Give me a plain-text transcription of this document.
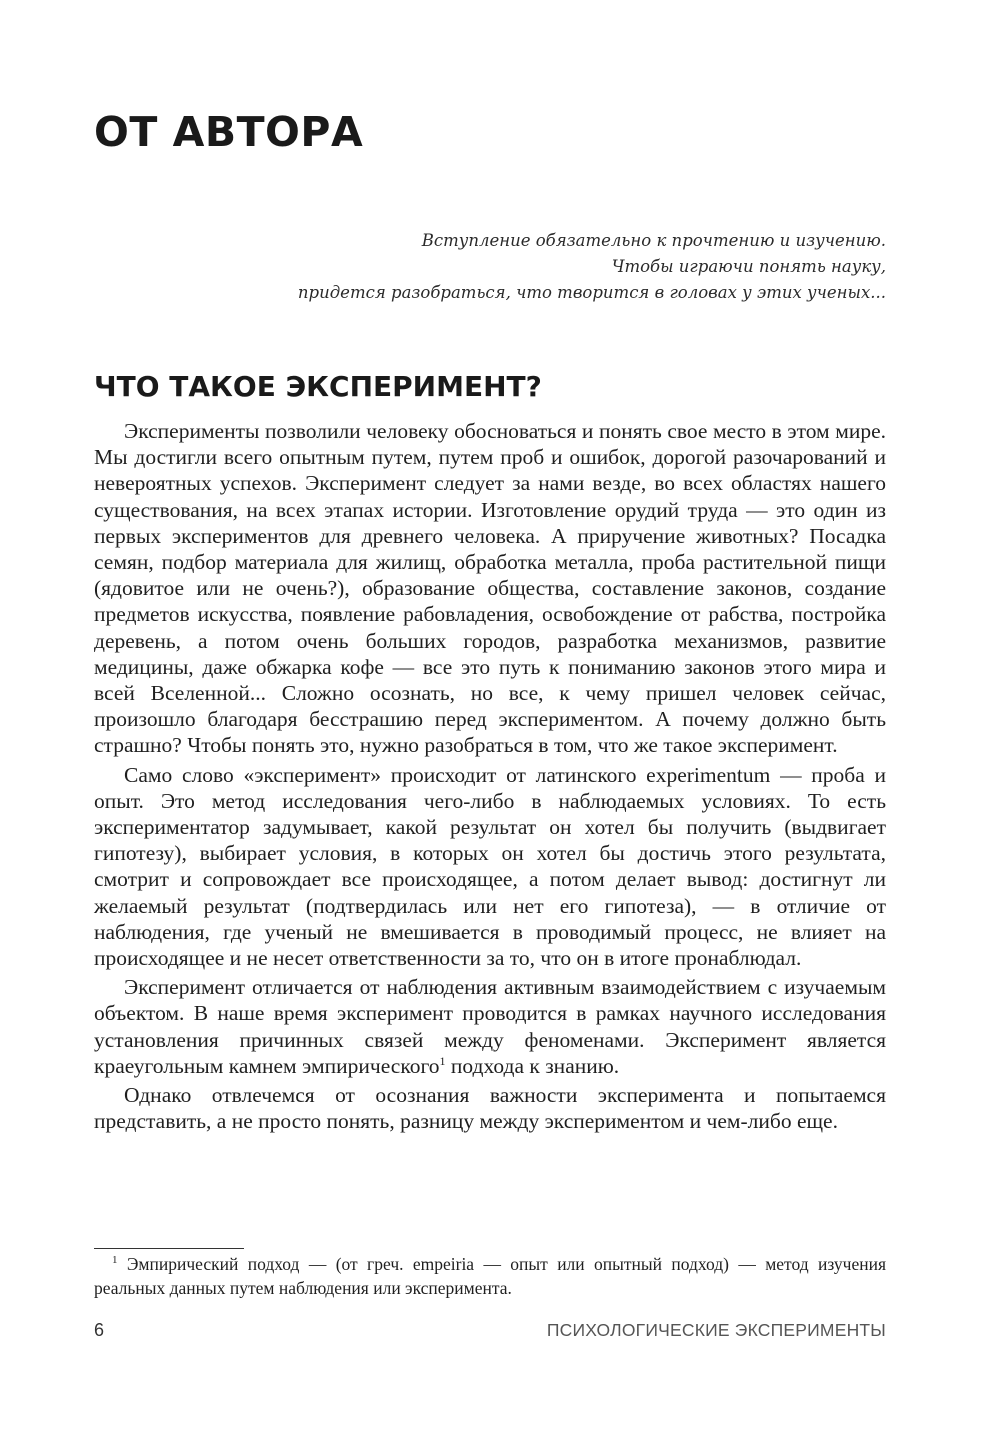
ОТ АВТОРА
Вступление обязательно к прочтению и изучению.
Чтобы играючи понять науку,
придется разобраться, что творится в головах у этих ученых...
ЧТО ТАКОЕ ЭКСПЕРИМЕНТ?

Эксперименты позволили человеку обосноваться и понять свое место в этом мире. Мы достигли всего опытным путем, путем проб и ошибок, дорогой разочарований и невероятных успехов. Эксперимент следует за нами везде, во всех областях нашего существования, на всех этапах истории. Изготовление орудий труда — это один из первых экспериментов для древнего человека. А приручение животных? Посадка семян, подбор материала для жилищ, обработка металла, проба растительной пищи (ядовитое или не очень?), образование общества, составление законов, создание предметов искусства, появление рабовладения, освобождение от рабства, постройка деревень, а потом очень больших городов, разработка механизмов, развитие медицины, даже обжарка кофе — все это путь к пониманию законов этого мира и всей Вселенной... Сложно осознать, но все, к чему пришел человек сейчас, произошло благодаря бесстрашию перед экспериментом. А почему должно быть страшно? Чтобы понять это, нужно разобраться в том, что же такое эксперимент.

Само слово «эксперимент» происходит от латинского experimentum — проба и опыт. Это метод исследования чего-либо в наблюдаемых условиях. То есть экспериментатор задумывает, какой результат он хотел бы получить (выдвигает гипотезу), выбирает условия, в которых он хотел бы достичь этого результата, смотрит и сопровождает все происходящее, а потом делает вывод: достигнут ли желаемый результат (подтвердилась или нет его гипотеза), — в отличие от наблюдения, где ученый не вмешивается в проводимый процесс, не влияет на происходящее и не несет ответственности за то, что он в итоге пронаблюдал.

Эксперимент отличается от наблюдения активным взаимодействием с изучаемым объектом. В наше время эксперимент проводится в рамках научного исследования установления причинных связей между феноменами. Эксперимент является краеугольным камнем эмпирического$^1$ подхода к знанию.

Однако отвлечемся от осознания важности эксперимента и попытаемся представить, а не просто понять, разницу между экспериментом и чем-либо еще.

$^1$ Эмпирический подход — (от греч. empeiria — опыт или опытный подход) — метод изучения реальных данных путем наблюдения или эксперимента.
6	ПСИХОЛОГИЧЕСКИЕ ЭКСПЕРИМЕНТЫ
